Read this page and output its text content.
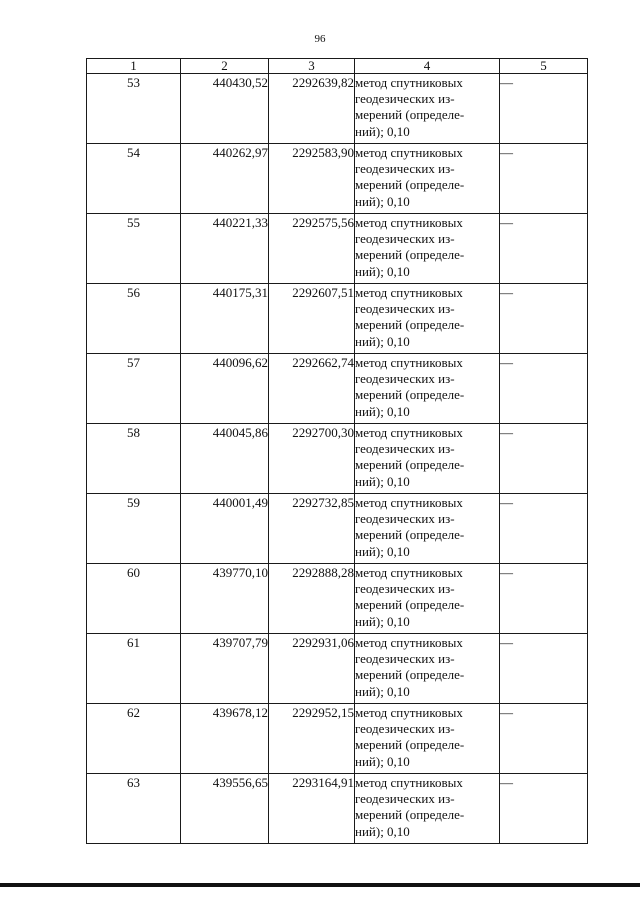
96
1	2	3	4	5
53	440430,52	2292639,82	метод спутниковых
геодезических из-
мерений (определе-
ний); 0,10	—
54	440262,97	2292583,90	метод спутниковых
геодезических из-
мерений (определе-
ний); 0,10	—
55	440221,33	2292575,56	метод спутниковых
геодезических из-
мерений (определе-
ний); 0,10	—
56	440175,31	2292607,51	метод спутниковых
геодезических из-
мерений (определе-
ний); 0,10	—
57	440096,62	2292662,74	метод спутниковых
геодезических из-
мерений (определе-
ний); 0,10	—
58	440045,86	2292700,30	метод спутниковых
геодезических из-
мерений (определе-
ний); 0,10	—
59	440001,49	2292732,85	метод спутниковых
геодезических из-
мерений (определе-
ний); 0,10	—
60	439770,10	2292888,28	метод спутниковых
геодезических из-
мерений (определе-
ний); 0,10	—
61	439707,79	2292931,06	метод спутниковых
геодезических из-
мерений (определе-
ний); 0,10	—
62	439678,12	2292952,15	метод спутниковых
геодезических из-
мерений (определе-
ний); 0,10	—
63	439556,65	2293164,91	метод спутниковых
геодезических из-
мерений (определе-
ний); 0,10	—
